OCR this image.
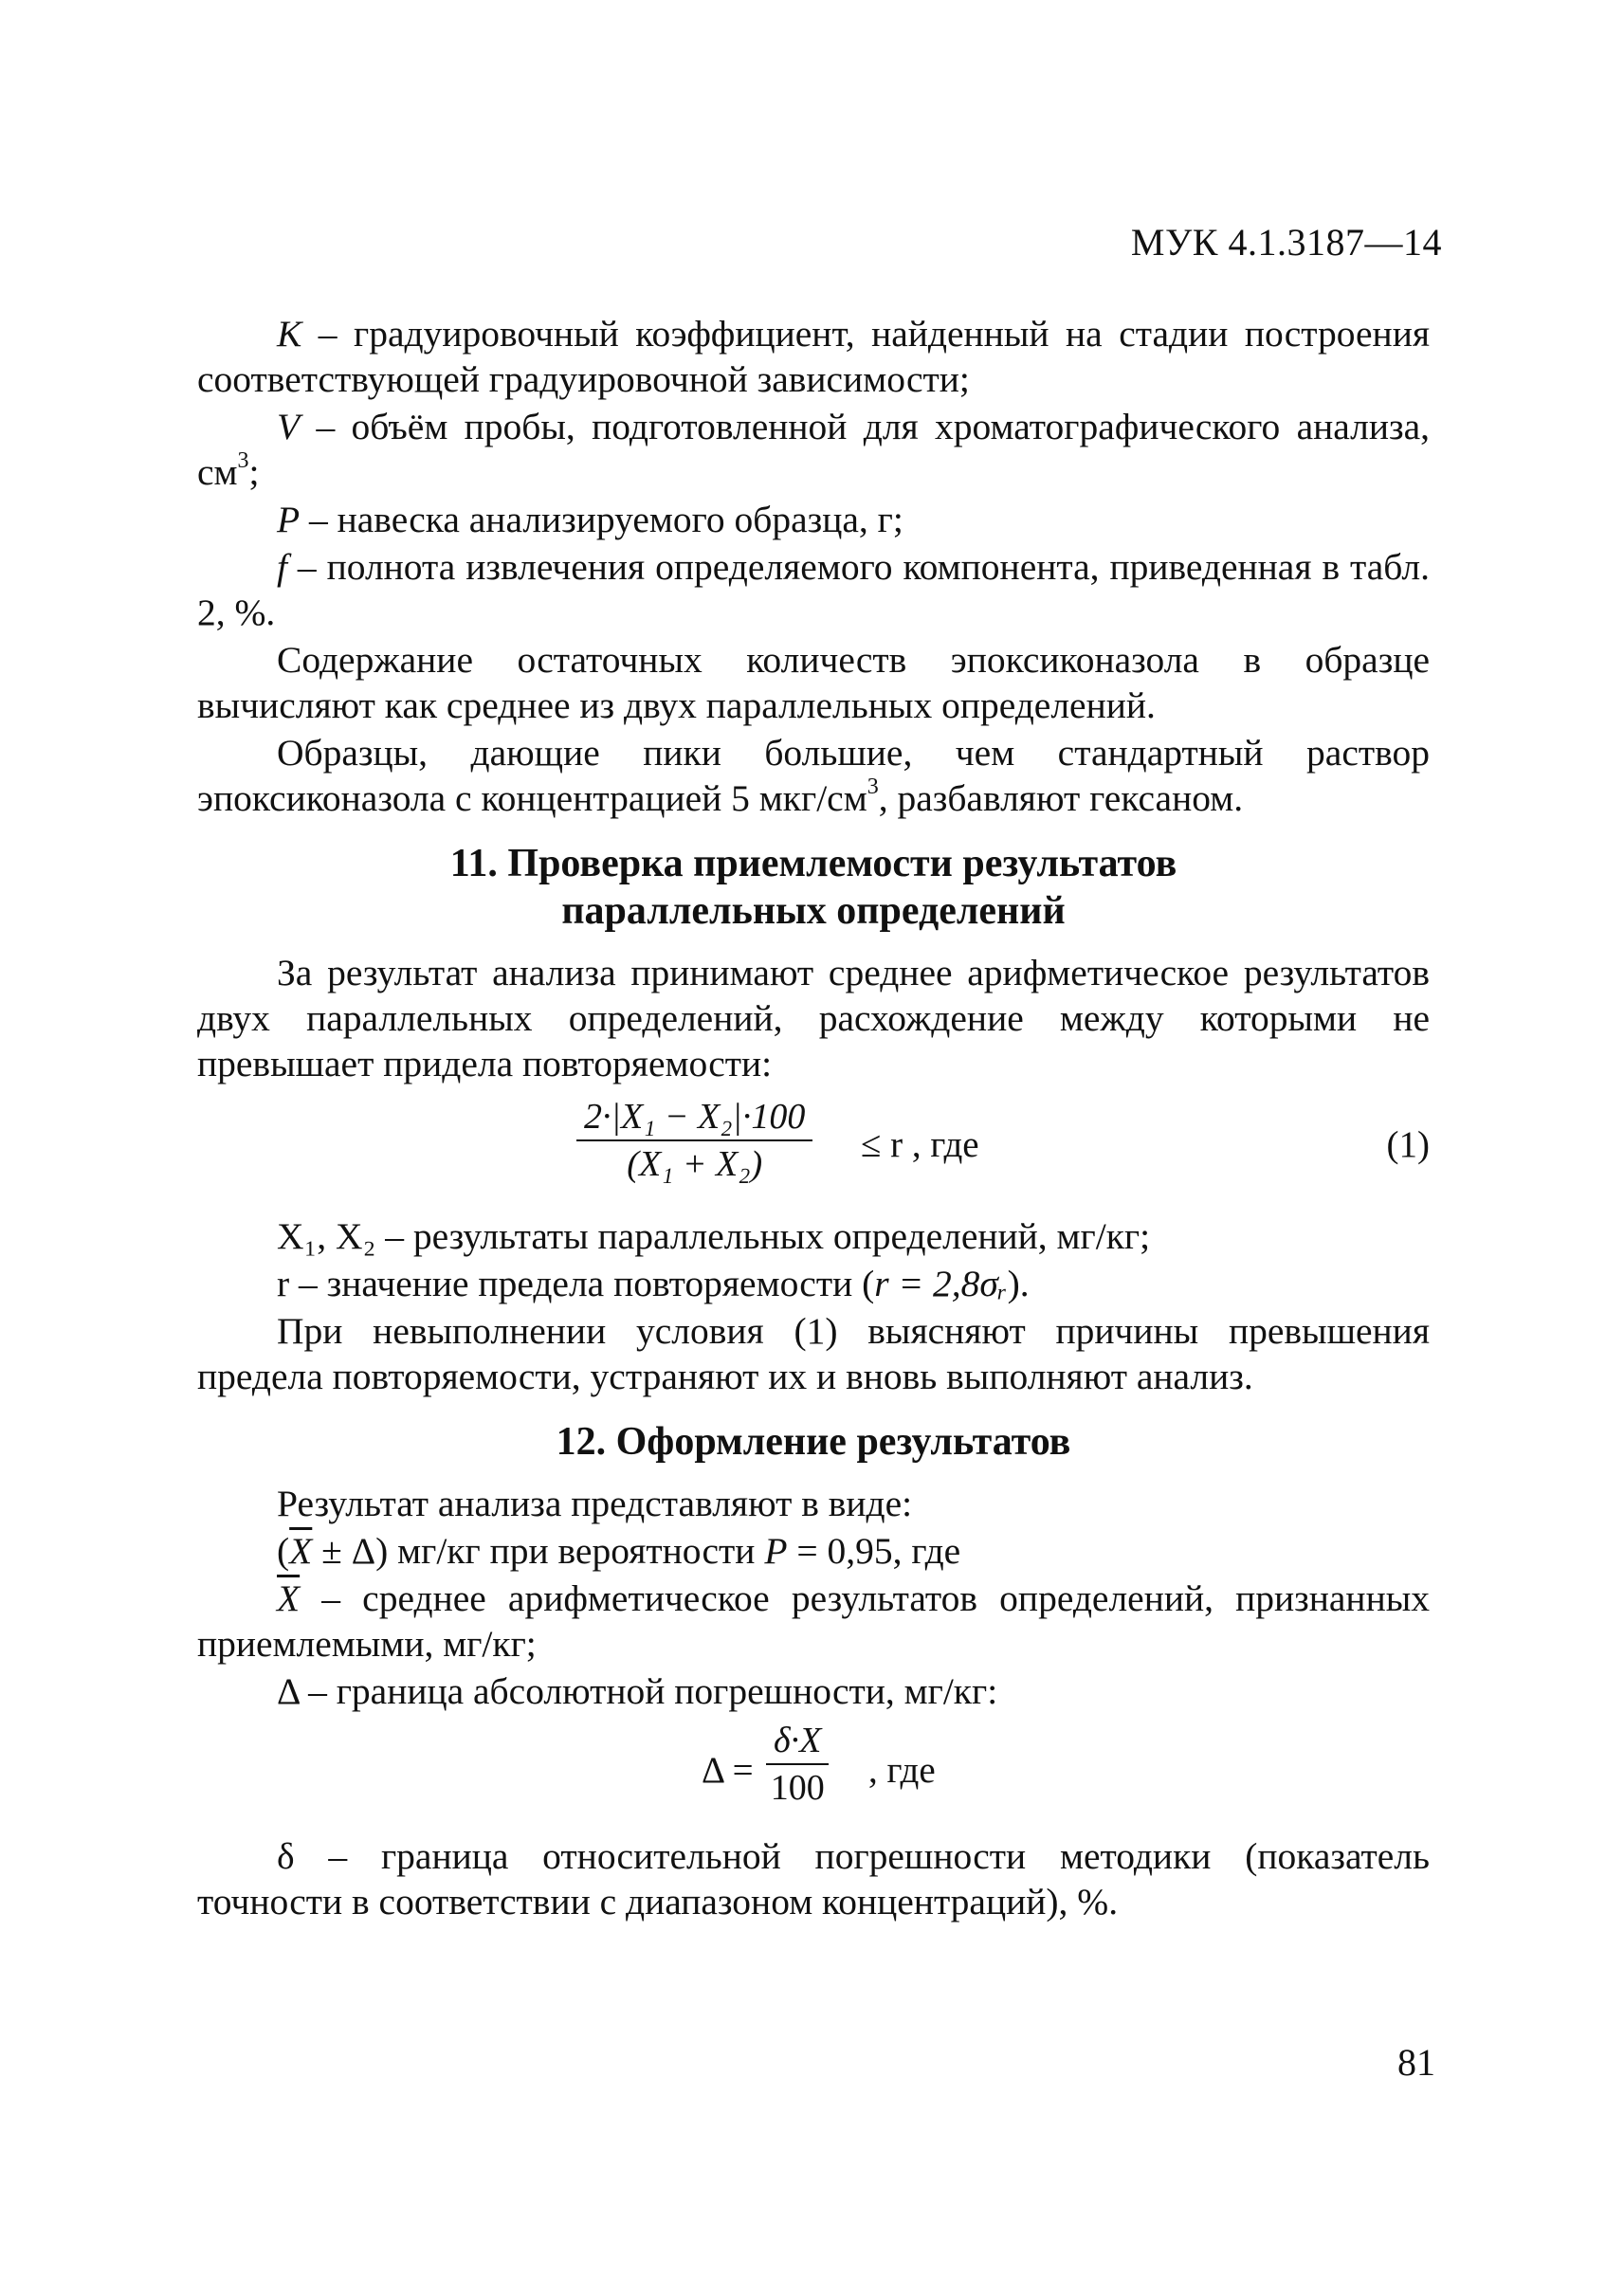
МУК 4.1.3187—14

К – градуировочный коэффициент, найденный на стадии построения соответствующей градуировочной зависимости;

V – объём пробы, подготовленной для хроматографического анализа, $см^3$;

Р – навеска анализируемого образца, г;

f – полнота извлечения определяемого компонента, приведенная в табл. 2, %.

Содержание остаточных количеств эпоксиконазола в образце вычисляют как среднее из двух параллельных определений.

Образцы, дающие пики большие, чем стандартный раствор эпоксиконазола с концентрацией 5 мкг/$см^3$, разбавляют гексаном.

11. Проверка приемлемости результатов
параллельных определений

За результат анализа принимают среднее арифметическое результатов двух параллельных определений, расхождение между которыми не превышает придела повторяемости:

$\frac{\text{2·|X₁ − X₂|·100}}{\text{(X₁ + X₂)}} \le r$ , где	(1)

X₁, X₂ – результаты параллельных определений, мг/кг;

r – значение предела повторяемости (r = 2,8σᵣ).

При невыполнении условия (1) выясняют причины превышения предела повторяемости, устраняют их и вновь выполняют анализ.

12. Оформление результатов

Результат анализа представляют в виде:

$(\overline{X} \pm \Delta)$ мг/кг при вероятности Р = 0,95, где

$\overline{X}$ – среднее арифметическое результатов определений, признанных приемлемыми, мг/кг;

Δ – граница абсолютной погрешности, мг/кг:

$\Delta = \frac{\delta\cdot X}{100}$ , где

δ – граница относительной погрешности методики (показатель точности в соответствии с диапазоном концентраций), %.

81
